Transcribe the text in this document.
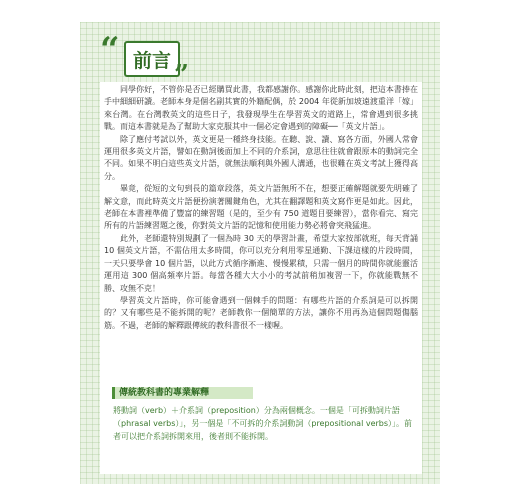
“ 前言 ”

同學你好，不管你是否已經購買此書，我都感謝你。感謝你此時此刻，把這本書捧在手中細細研讀。老師本身是個名副其實的外籍配偶，於 2004 年從新加坡遠渡重洋「嫁」來台灣。在台灣教英文的這些日子，我發現學生在學習英文的道路上，常會遇到很多挑戰。而這本書就是為了幫助大家克服其中一個必定會遇到的障礙──「英文片語」。

除了應付考試以外，英文更是一種終身技能。在聽、說、讀、寫各方面，外國人常會運用很多英文片語，譬如在動詞後面加上不同的介系詞，意思往往就會跟原本的動詞完全不同。如果不明白這些英文片語，就無法順利與外國人溝通，也很難在英文考試上獲得高分。

畢竟，從短的文句到長的篇章段落，英文片語無所不在，想要正確解題就要先明確了解文意，而此時英文片語便扮演著關鍵角色，尤其在翻譯題和英文寫作更是如此。因此，老師在本書裡準備了豐富的練習題（是的，至少有 750 道題目要練習），當你看完、寫完所有的片語練習題之後，你對英文片語的記憶和使用能力勢必將會突飛猛進。

此外，老師還特別規劃了一個為時 30 天的學習計畫，希望大家按部就班，每天背誦 10 個英文片語，不需佔用太多時間，你可以充分利用零星通勤、下課這樣的片段時間，一天只要學會 10 個片語，以此方式循序漸進、慢慢累積，只需一個月的時間你就能靈活運用這 300 個高頻率片語。每當各種大大小小的考試前稍加複習一下，你就能戰無不勝、攻無不克！

學習英文片語時，你可能會遇到一個棘手的問題：有哪些片語的介系詞是可以拆開的？又有哪些是不能拆開的呢？老師教你一個簡單的方法，讓你不用再為這個問題傷腦筋。不過，老師的解釋跟傳統的教科書很不一樣喔。

傳統教科書的專業解釋
將動詞（verb）＋介系詞（preposition）分為兩個概念。一個是「可拆動詞片語（phrasal verbs）」，另一個是「不可拆的介系詞動詞（prepositional verbs）」。前者可以把介系詞拆開來用，後者則不能拆開。
